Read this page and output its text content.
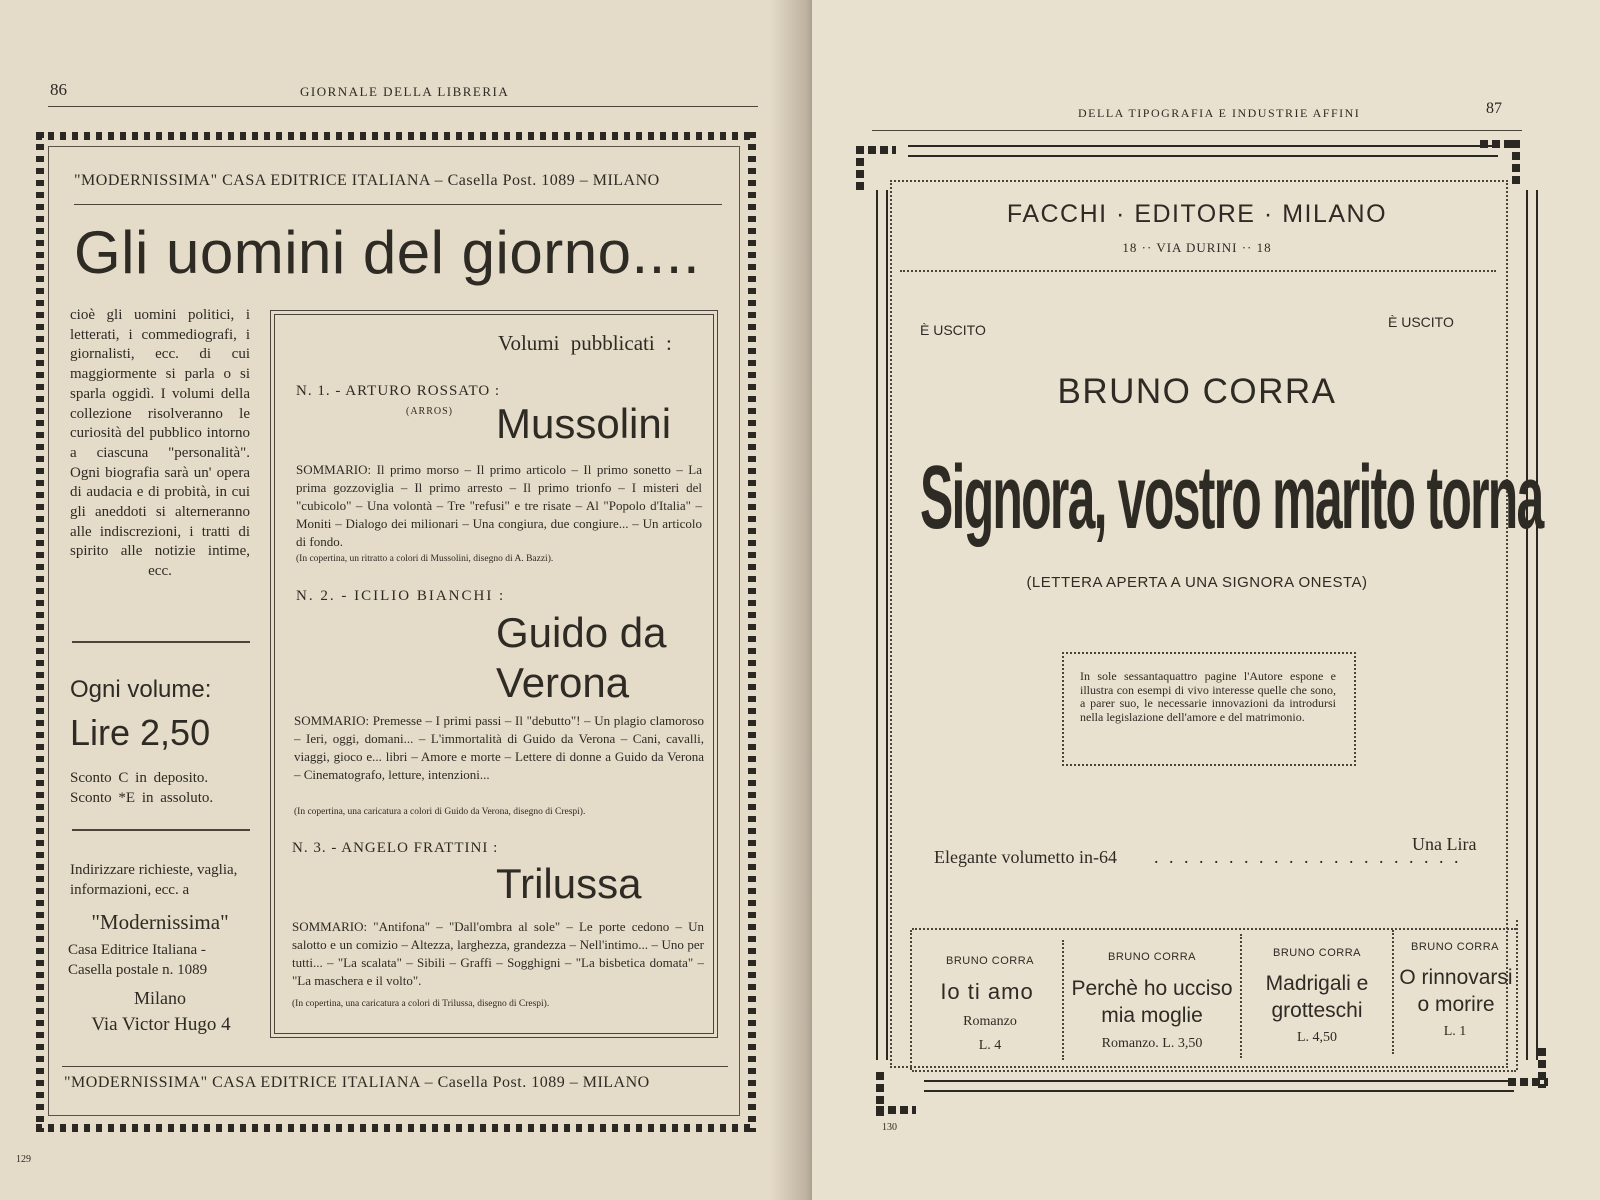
86	GIORNALE DELLA LIBRERIA
"MODERNISSIMA" CASA EDITRICE ITALIANA – Casella Post. 1089 – MILANO
Gli uomini del giorno....
cioè gli uomini politici, i letterati, i commediografi, i giornalisti, ecc. di cui maggiormente si parla o si sparla oggidì. I volumi della collezione risolveranno le curiosità del pubblico intorno a ciascuna "personalità". Ogni biografia sarà un' opera di audacia e di probità, in cui gli aneddoti si alterneranno alle indiscrezioni, i tratti di spirito alle notizie intime, ecc.
Ogni volume:
Lire 2,50
Sconto C in deposito.
Sconto *E in assoluto.
Indirizzare richieste, vaglia, informazioni, ecc. a
"Modernissima"
Casa Editrice Italiana -
Casella postale n. 1089
Milano
Via Victor Hugo 4
Volumi pubblicati :
N. 1. - ARTURO ROSSATO :
(ARROS) Mussolini
SOMMARIO: Il primo morso – Il primo articolo – Il primo sonetto – La prima gozzoviglia – Il primo arresto – Il primo trionfo – I misteri del "cubicolo" – Una volontà – Tre "refusi" e tre risate – Al "Popolo d'Italia" – Moniti – Dialogo dei milionari – Una congiura, due congiure... – Un articolo di fondo.
(In copertina, un ritratto a colori di Mussolini, disegno di A. Bazzi).
N. 2. - ICILIO BIANCHI :
Guido da Verona
SOMMARIO: Premesse – I primi passi – Il "debutto"! – Un plagio clamoroso – Ieri, oggi, domani... – L'immortalità di Guido da Verona – Cani, cavalli, viaggi, gioco e... libri – Amore e morte – Lettere di donne a Guido da Verona – Cinematografo, letture, intenzioni...
(In copertina, una caricatura a colori di Guido da Verona, disegno di Crespi).
N. 3. - ANGELO FRATTINI :
Trilussa
SOMMARIO: "Antifona" – "Dall'ombra al sole" – Le porte cedono – Un salotto e un comizio – Altezza, larghezza, grandezza – Nell'intimo... – Uno per tutti... – "La scalata" – Sibili – Graffi – Sogghigni – "La bisbetica domata" – "La maschera e il volto".
(In copertina, una caricatura a colori di Trilussa, disegno di Crespi).
"MODERNISSIMA" CASA EDITRICE ITALIANA – Casella Post. 1089 – MILANO
129
DELLA TIPOGRAFIA E INDUSTRIE AFFINI	87
FACCHI · EDITORE · MILANO
18 ·· VIA DURINI ·· 18
È USCITO	È USCITO
BRUNO CORRA
Signora, vostro marito torna
(LETTERA APERTA A UNA SIGNORA ONESTA)
In sole sessantaquattro pagine l'Autore espone e illustra con esempi di vivo interesse quelle che sono, a parer suo, le necessarie innovazioni da introdursi nella legislazione dell'amore e del matrimonio.
Elegante volumetto in-64 . . . . . . . . . . . . . . . . . . . . .
Una Lira
BRUNO CORRA
Io ti amo
Romanzo
L. 4
BRUNO CORRA
Perchè ho ucciso mia moglie
Romanzo. L. 3,50
BRUNO CORRA
Madrigali e grotteschi
L. 4,50
BRUNO CORRA
O rinnovarsi o morire
L. 1
130
